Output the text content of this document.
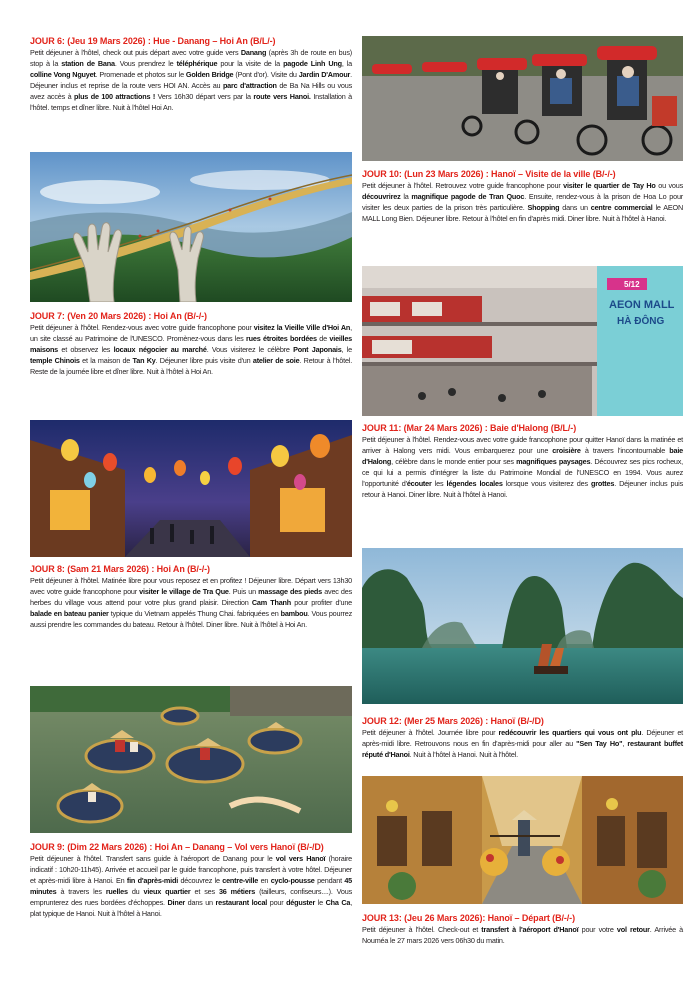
JOUR 6: (Jeu 19 Mars 2026) : Hue - Danang – Hoi An (B/L/-)

Petit déjeuner à l'hôtel, check out puis départ avec votre guide vers Danang (après 3h de route en bus) stop à la station de Bana. Vous prendrez le téléphérique pour la visite de la pagode Linh Ung, la colline Vong Nguyet. Promenade et photos sur le Golden Bridge (Pont d'or). Visite du Jardin D'Amour. Déjeuner inclus et reprise de la route vers HOI AN. Accès au parc d'attraction de Ba Na Hills ou vous avez accès à plus de 100 attractions ! Vers 16h30 départ vers par la route vers Hanoi. Installation à l'hôtel. temps et dîner libre. Nuit à l'hôtel Hoi An.

JOUR 7: (Ven 20 Mars 2026) : Hoi An (B/-/-)

Petit déjeuner à l'hôtel. Rendez-vous avec votre guide francophone pour visitez la Vieille Ville d'Hoi An, un site classé au Patrimoine de l'UNESCO. Promènez-vous dans les rues étroites bordées de vieilles maisons et observez les locaux négocier au marché. Vous visiterez le célèbre Pont Japonais, le temple Chinois et la maison de Tan Ky. Déjeuner libre puis visite d'un atelier de soie. Retour à l'hôtel. Reste de la journée libre et dîner libre. Nuit à l'hôtel à Hoi An.

JOUR 8: (Sam 21 Mars 2026) : Hoi An (B/-/-)

Petit déjeuner à l'hôtel. Matinée libre pour vous reposez et en profitez ! Déjeuner libre. Départ vers 13h30 avec votre guide francophone pour visiter le village de Tra Que. Puis un massage des pieds avec des herbes du village vous attend pour votre plus grand plaisir. Direction Cam Thanh pour profiter d'une balade en bateau panier typique du Vietnam appelés Thung Chai. fabriquées en bambou. Vous pourrez aussi prendre les commandes du bateau. Retour à l'hôtel. Diner libre. Nuit à l'hôtel à Hoi An.

JOUR 9: (Dim 22 Mars 2026) : Hoi An – Danang – Vol vers Hanoï (B/-/D)

Petit déjeuner à l'hôtel. Transfert sans guide à l'aéroport de Danang pour le vol vers Hanoï (horaire indicatif : 10h20-11h45). Arrivée et accueil par le guide francophone, puis transfert à votre hôtel. Déjeuner et après-midi libre à Hanoi. En fin d'après-midi découvrez le centre-ville en cyclo-pousse pendant 45 minutes à travers les ruelles du vieux quartier et ses 36 métiers (tailleurs, confiseurs....). Vous emprunterez des rues bordées d'échoppes. Diner dans un restaurant local pour déguster le Cha Ca, plat typique de Hanoi. Nuit à l'hôtel à Hanoi.

JOUR 10: (Lun 23 Mars 2026) : Hanoï – Visite de la ville (B/-/-)

Petit déjeuner à l'hôtel. Retrouvez votre guide francophone pour visiter le quartier de Tay Ho ou vous découvrirez la magnifique pagode de Tran Quoc. Ensuite, rendez-vous à la prison de Hoa Lo pour visiter les deux parties de la prison très particulière. Shopping dans un centre commercial le AEON MALL Long Bien. Déjeuner libre. Retour à l'hôtel en fin d'après midi. Diner libre. Nuit à l'hôtel à Hanoi.

5/12
AEON MALL
HÀ ĐÔNG
JOUR 11: (Mar 24 Mars 2026) : Baie d'Halong (B/L/-)

Petit déjeuner à l'hôtel. Rendez-vous avec votre guide francophone pour quitter Hanoï dans la matinée et arriver à Halong vers midi. Vous embarquerez pour une croisière à travers l'incontournable baie d'Halong, célèbre dans le monde entier pour ses magnifiques paysages. Découvrez ses pics rocheux, ce qui lui a permis d'intégrer la liste du Patrimoine Mondial de l'UNESCO en 1994. Vous aurez l'opportunité d'écouter les légendes locales lorsque vous visiterez des grottes. Déjeuner inclus puis retour à Hanoi. Diner libre. Nuit à l'hôtel à Hanoi.

JOUR 12: (Mer 25 Mars 2026) : Hanoï (B/-/D)

Petit déjeuner à l'hôtel. Journée libre pour redécouvrir les quartiers qui vous ont plu. Déjeuner et après-midi libre. Retrouvons nous en fin d'après-midi pour aller au "Sen Tay Ho", restaurant buffet réputé d'Hanoi. Nuit à l'hôtel à Hanoi. Nuit à l'hôtel.

JOUR 13: (Jeu 26 Mars 2026): Hanoï – Départ (B/-/-)

Petit déjeuner à l'hôtel. Check-out et transfert à l'aéroport d'Hanoï pour votre vol retour. Arrivée à Nouméa le 27 mars 2026 vers 06h30 du matin.
